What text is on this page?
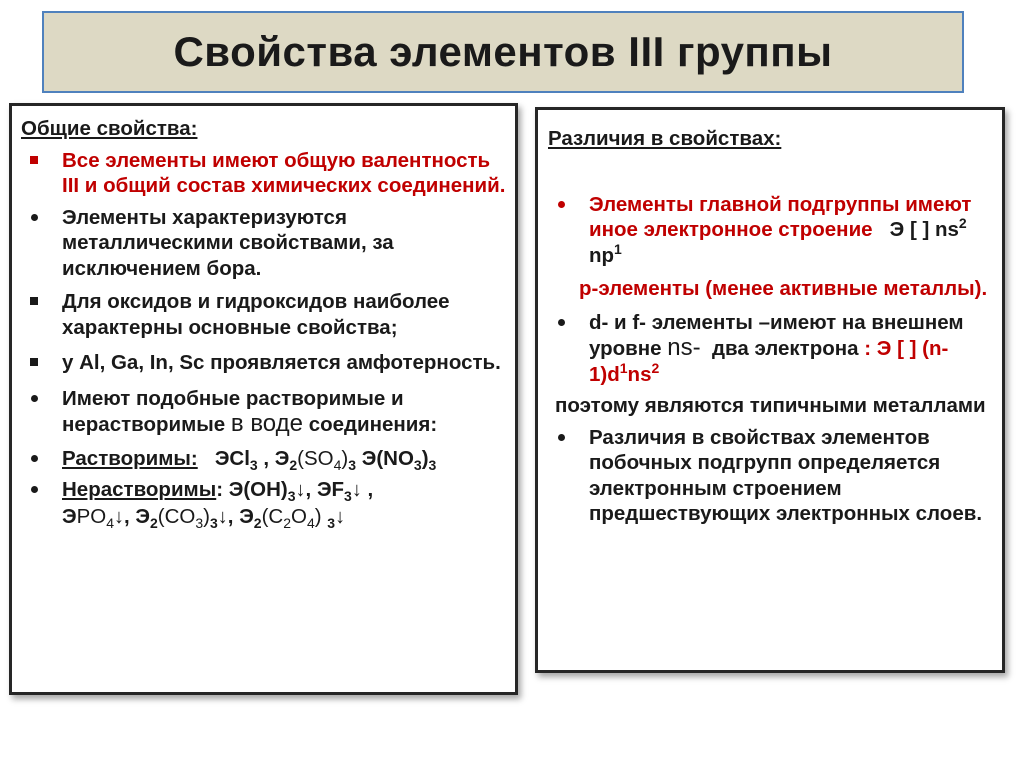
Свойства элементов III группы

Общие свойства:

Все элементы имеют общую валентность III и общий состав химических соединений.
Элементы характеризуются металлическими свойствами, за исключением бора.
Для оксидов и гидроксидов наиболее характерны основные свойства;
у Al, Ga, In, Sc проявляется амфотерность.
Имеют подобные растворимые и нерастворимые в воде соединения:
Растворимы:   ЭCl$_3$ , $Э_2(SO_4)_3$ $Э(NO_3)_3$
Нерастворимы: $Э(OH)_3↓$, $ЭF_3↓$ ,
$ЭPO_4↓$, $Э_2(CO_3)_3↓$, $Э_2(C_2O_4)$ $_3$↓

Различия в свойствах:

Элементы главной подгруппы имеют иное электронное строение Э [ ] $ns^2$ $np^1$

p-элементы (менее активные металлы).

d- и f- элементы –имеют на внешнем уровне ns- два электрона : Э [ ] $(n-1)d^1ns^2$

поэтому являются типичными металлами

Различия в свойствах элементов побочных подгрупп определяется электронным строением предшествующих электронных слоев.
